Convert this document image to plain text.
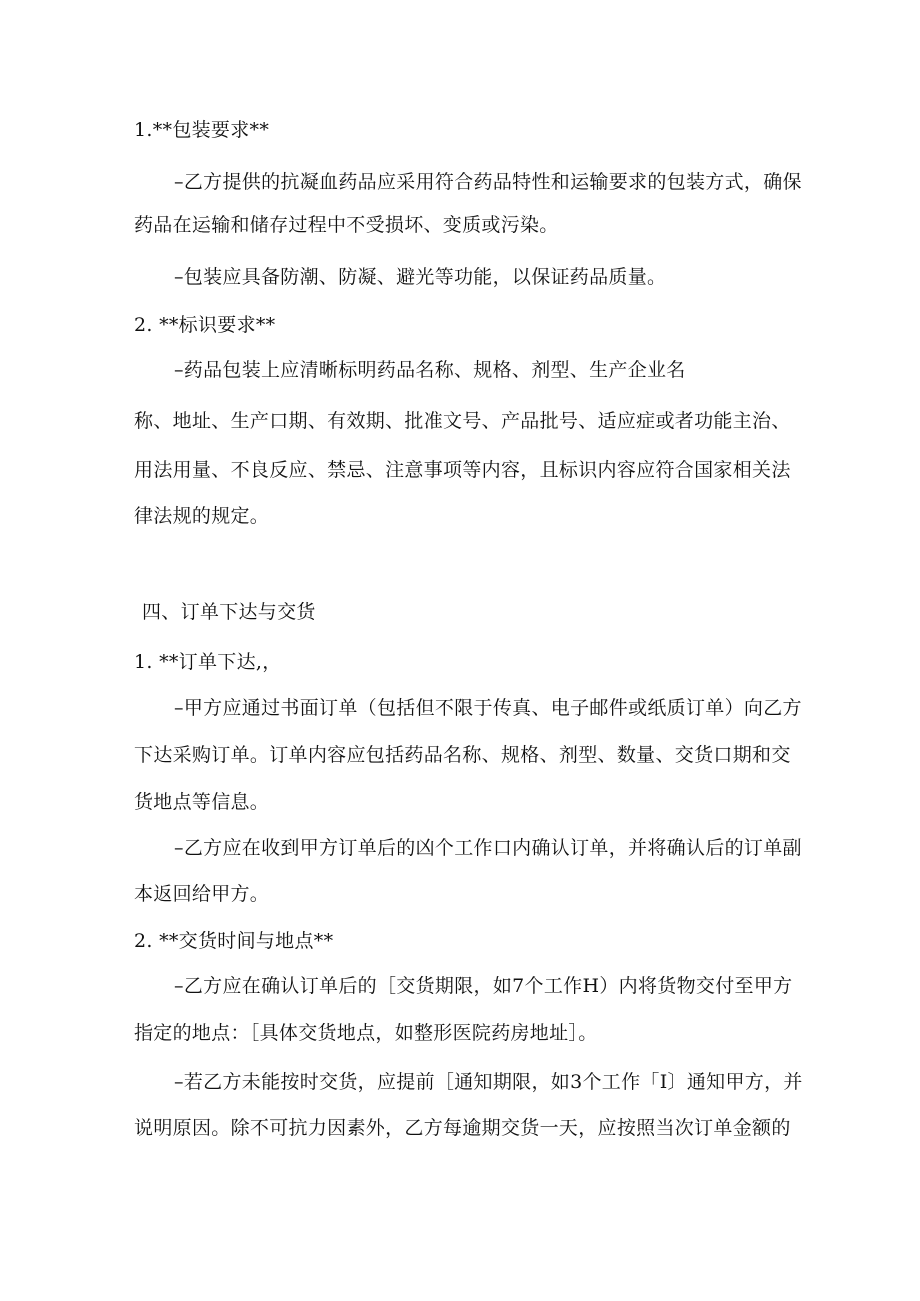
1.**包装要求**
– 乙 方 提 供 的 抗 凝 血 药 品 应 采 用 符 合 药 品 特 性 和 运 输 要 求 的 包 装 方 式 ， 确 保
药品在运输和储存过程中不受损坏、变质或污染。
–包装应具备防潮、防凝、避光等功能，以保证药品质量。
2. **标识要求**
–药品包装上应清晰标明药品名称、规格、剂型、生产企业名
称 、 地 址 、 生 产 口 期 、 有 效 期 、 批 准 文 号 、 产 品 批 号 、 适 应 症 或 者 功 能 主 治 、
用 法 用 量 、 不 良 反 应 、 禁 忌 、 注 意 事 项 等 内 容 ， 且 标 识 内 容 应 符 合 国 家 相 关 法
律法规的规定。
四、订单下达与交货
1. **订单下达,，
– 甲 方 应 通 过 书 面 订 单 （ 包 括 但 不 限 于 传 真 、 电 子 邮 件 或 纸 质 订 单 ） 向 乙 方
下 达 采 购 订 单 。 订 单 内 容 应 包 括 药 品 名 称 、 规 格 、 剂 型 、 数 量 、 交 货 口 期 和 交
货地点等信息。
– 乙 方 应 在 收 到 甲 方 订 单 后 的 凶 个 工 作 口 内 确 认 订 单 ， 并 将 确 认 后 的 订 单 副
本返回给甲方。
2. **交货时间与地点**
– 乙 方 应 在 确 认 订 单 后 的 ［ 交 货 期 限 ， 如 7 个 工 作 H ） 内 将 货 物 交 付 至 甲 方
指定的地点：［具体交货地点，如整形医院药房地址］。
– 若 乙 方 未 能 按 时 交 货 ， 应 提 前 ［ 通 知 期 限 ， 如 3 个 工 作 「 I 〕 通 知 甲 方 ， 并
说 明 原 因 。 除 不 可 抗 力 因 素 外 ， 乙 方 每 逾 期 交 货 一 天 ， 应 按 照 当 次 订 单 金 额 的
